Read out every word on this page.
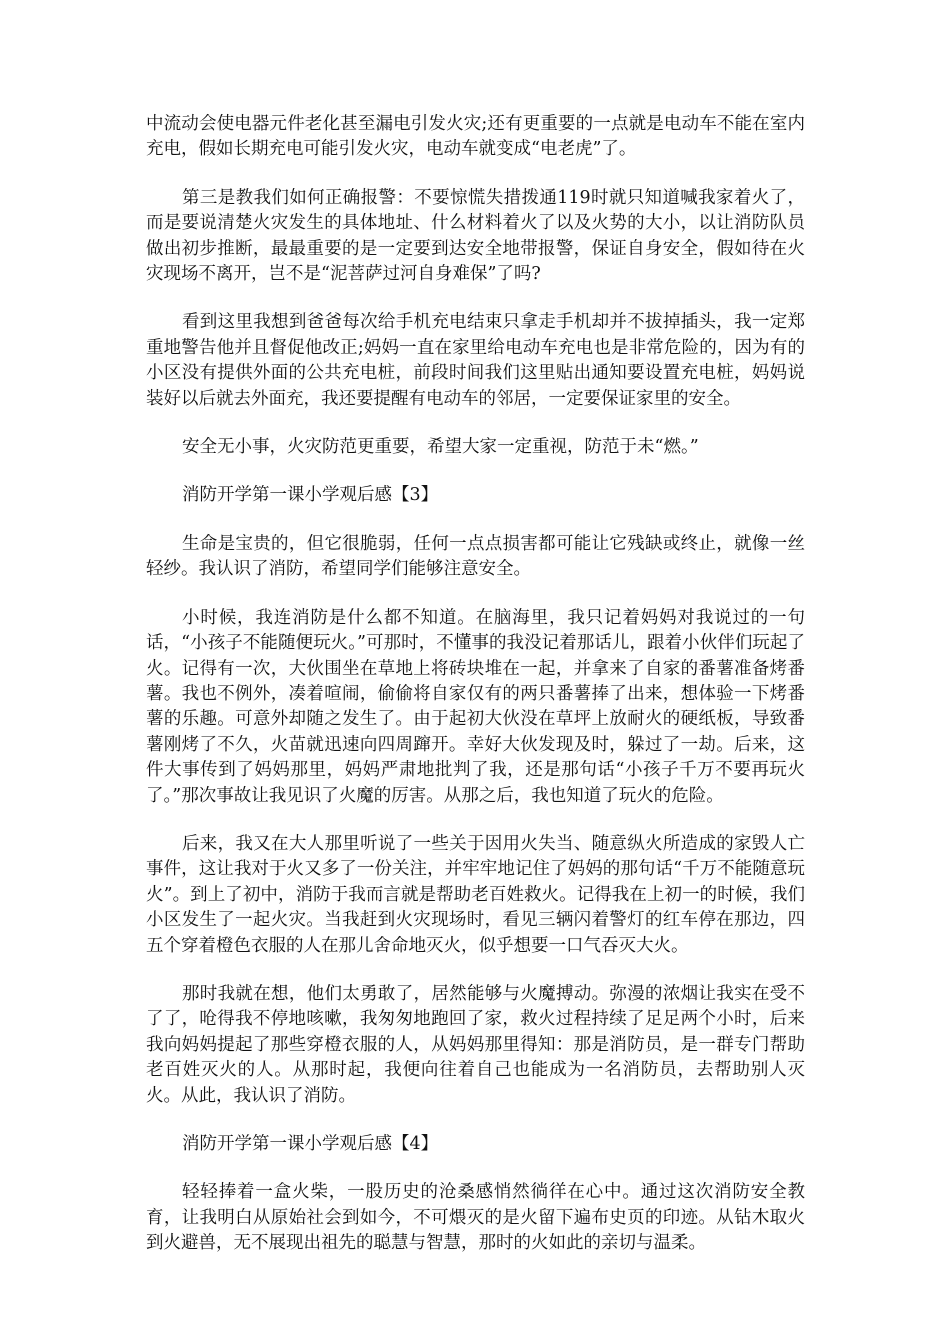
中流动会使电器元件老化甚至漏电引发火灾;还有更重要的一点就是电动车不能在室内充电，假如长期充电可能引发火灾，电动车就变成“电老虎”了。

第三是教我们如何正确报警：不要惊慌失措拨通119时就只知道喊我家着火了，而是要说清楚火灾发生的具体地址、什么材料着火了以及火势的大小，以让消防队员做出初步推断，最最重要的是一定要到达安全地带报警，保证自身安全，假如待在火灾现场不离开，岂不是“泥菩萨过河自身难保”了吗?

看到这里我想到爸爸每次给手机充电结束只拿走手机却并不拔掉插头，我一定郑重地警告他并且督促他改正;妈妈一直在家里给电动车充电也是非常危险的，因为有的小区没有提供外面的公共充电桩，前段时间我们这里贴出通知要设置充电桩，妈妈说装好以后就去外面充，我还要提醒有电动车的邻居，一定要保证家里的安全。

安全无小事，火灾防范更重要，希望大家一定重视，防范于未“燃。”

消防开学第一课小学观后感【3】

生命是宝贵的，但它很脆弱，任何一点点损害都可能让它残缺或终止，就像一丝轻纱。我认识了消防，希望同学们能够注意安全。

小时候，我连消防是什么都不知道。在脑海里，我只记着妈妈对我说过的一句话，“小孩子不能随便玩火。”可那时，不懂事的我没记着那话儿，跟着小伙伴们玩起了火。记得有一次，大伙围坐在草地上将砖块堆在一起，并拿来了自家的番薯准备烤番薯。我也不例外，凑着喧闹，偷偷将自家仅有的两只番薯捧了出来，想体验一下烤番薯的乐趣。可意外却随之发生了。由于起初大伙没在草坪上放耐火的硬纸板，导致番薯刚烤了不久，火苗就迅速向四周蹿开。幸好大伙发现及时，躲过了一劫。后来，这件大事传到了妈妈那里，妈妈严肃地批判了我，还是那句话“小孩子千万不要再玩火了。”那次事故让我见识了火魔的厉害。从那之后，我也知道了玩火的危险。

后来，我又在大人那里听说了一些关于因用火失当、随意纵火所造成的家毁人亡事件，这让我对于火又多了一份关注，并牢牢地记住了妈妈的那句话“千万不能随意玩火”。到上了初中，消防于我而言就是帮助老百姓救火。记得我在上初一的时候，我们小区发生了一起火灾。当我赶到火灾现场时，看见三辆闪着警灯的红车停在那边，四五个穿着橙色衣服的人在那儿舍命地灭火，似乎想要一口气吞灭大火。

那时我就在想，他们太勇敢了，居然能够与火魔搏动。弥漫的浓烟让我实在受不了了，呛得我不停地咳嗽，我匆匆地跑回了家，救火过程持续了足足两个小时，后来我向妈妈提起了那些穿橙衣服的人，从妈妈那里得知：那是消防员，是一群专门帮助老百姓灭火的人。从那时起，我便向往着自己也能成为一名消防员，去帮助别人灭火。从此，我认识了消防。

消防开学第一课小学观后感【4】

轻轻捧着一盒火柴，一股历史的沧桑感悄然徜徉在心中。通过这次消防安全教育，让我明白从原始社会到如今，不可煨灭的是火留下遍布史页的印迹。从钻木取火到火避兽，无不展现出祖先的聪慧与智慧，那时的火如此的亲切与温柔。
